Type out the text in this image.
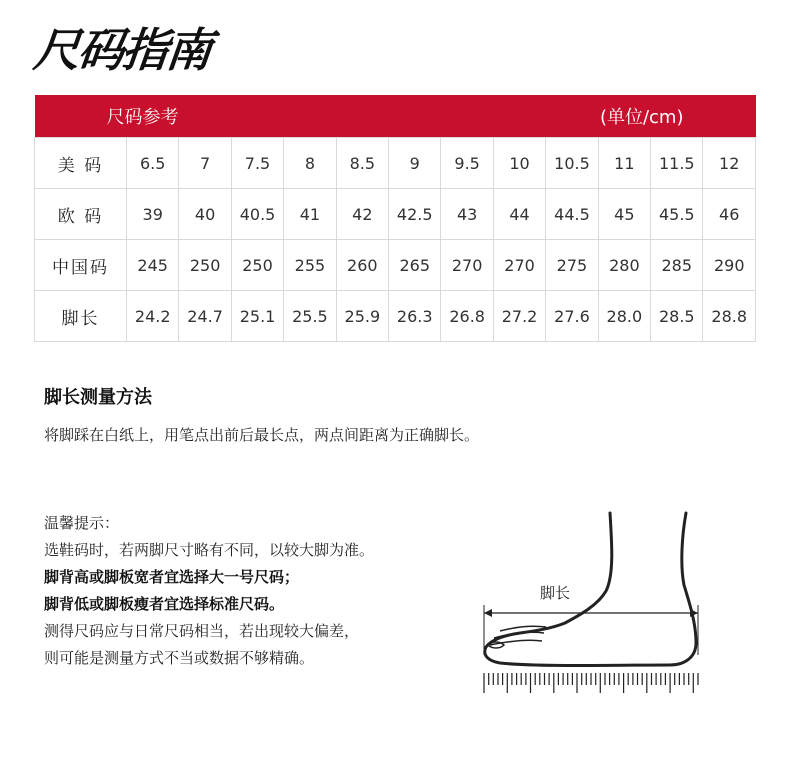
尺码指南
尺码参考 (单位/cm)												

美 码	6.5	7	7.5	8	8.5	9	9.5	10	10.5	11	11.5	12
欧 码	39	40	40.5	41	42	42.5	43	44	44.5	45	45.5	46
中国码	245	250	250	255	260	265	270	270	275	280	285	290
脚长	24.2	24.7	25.1	25.5	25.9	26.3	26.8	27.2	27.6	28.0	28.5	28.8
脚长测量方法
将脚踩在白纸上，用笔点出前后最长点，两点间距离为正确脚长。
温馨提示：
选鞋码时，若两脚尺寸略有不同，以较大脚为准。
脚背高或脚板宽者宜选择大一号尺码；
脚背低或脚板瘦者宜选择标准尺码。
测得尺码应与日常尺码相当，若出现较大偏差，
则可能是测量方式不当或数据不够精确。
脚长
